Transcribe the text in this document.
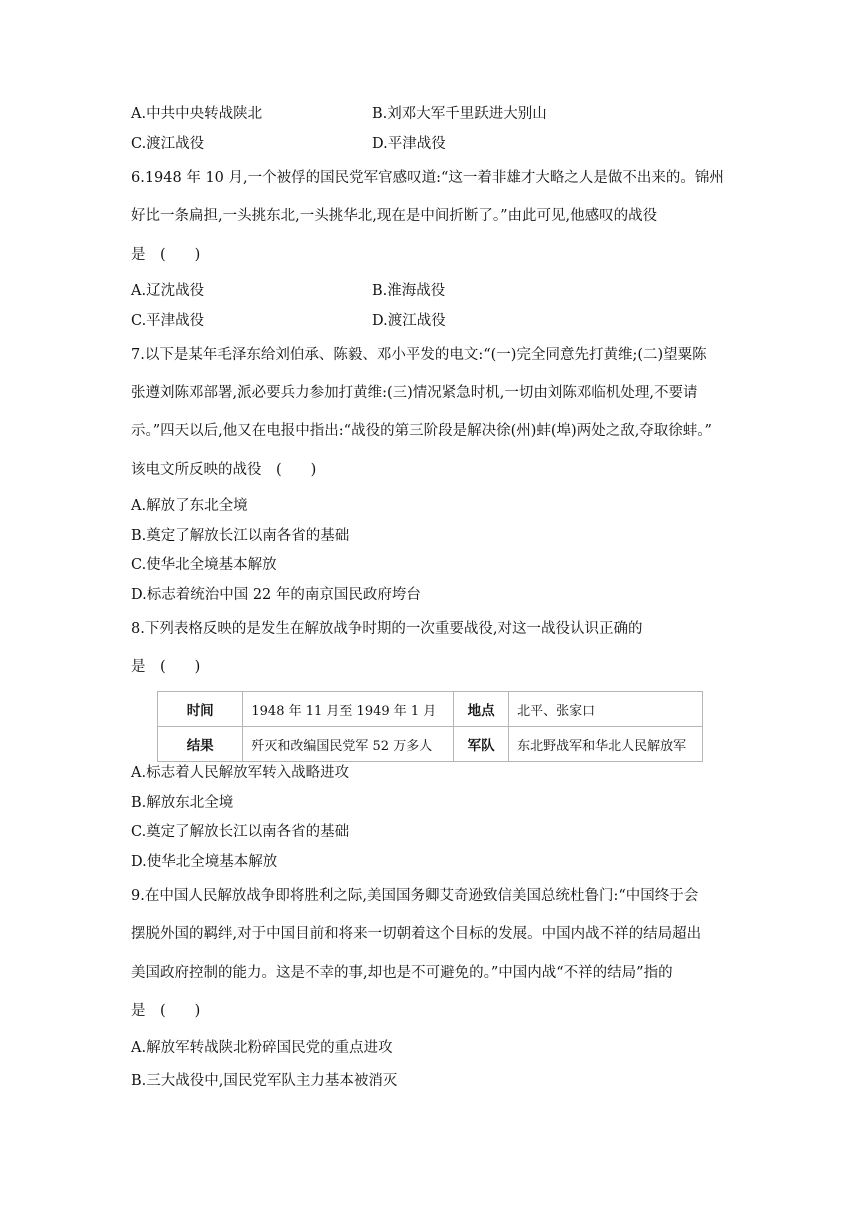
A.中共中央转战陕北	B.刘邓大军千里跃进大别山
C.渡江战役	D.平津战役
6.1948 年 10 月,一个被俘的国民党军官感叹道:“这一着非雄才大略之人是做不出来的。锦州
好比一条扁担,一头挑东北,一头挑华北,现在是中间折断了。”由此可见,他感叹的战役
是　(　　)
A.辽沈战役	B.淮海战役
C.平津战役	D.渡江战役
7.以下是某年毛泽东给刘伯承、陈毅、邓小平发的电文:“(一)完全同意先打黄维;(二)望粟陈
张遵刘陈邓部署,派必要兵力参加打黄维:(三)情况紧急时机,一切由刘陈邓临机处理,不要请
示。”四天以后,他又在电报中指出:“战役的第三阶段是解决徐(州)蚌(埠)两处之敌,夺取徐蚌。”
该电文所反映的战役　(　　)
A.解放了东北全境
B.奠定了解放长江以南各省的基础
C.使华北全境基本解放
D.标志着统治中国 22 年的南京国民政府垮台
8.下列表格反映的是发生在解放战争时期的一次重要战役,对这一战役认识正确的
是　(　　)
时间	1948 年 11 月至 1949 年 1 月	地点	北平、张家口
结果	歼灭和改编国民党军 52 万多人	军队	东北野战军和华北人民解放军
A.标志着人民解放军转入战略进攻
B.解放东北全境
C.奠定了解放长江以南各省的基础
D.使华北全境基本解放
9.在中国人民解放战争即将胜利之际,美国国务卿艾奇逊致信美国总统杜鲁门:“中国终于会
摆脱外国的羁绊,对于中国目前和将来一切朝着这个目标的发展。中国内战不祥的结局超出
美国政府控制的能力。这是不幸的事,却也是不可避免的。”中国内战“不祥的结局”指的
是　(　　)
A.解放军转战陕北粉碎国民党的重点进攻
B.三大战役中,国民党军队主力基本被消灭
